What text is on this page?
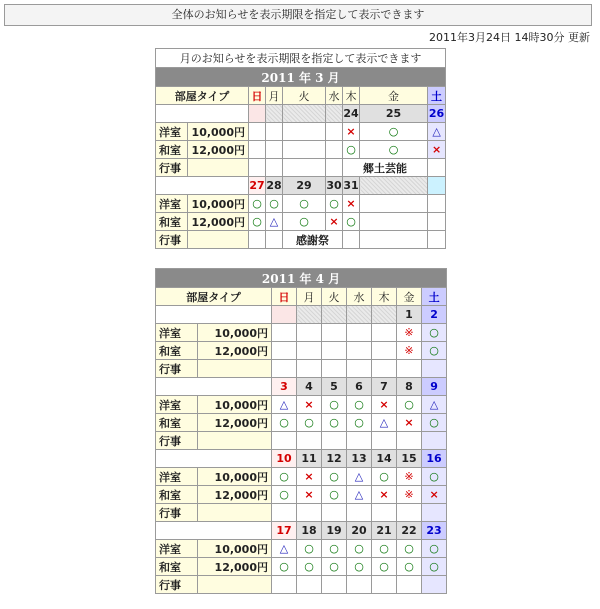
全体のお知らせを表示期限を指定して表示できます
2011年3月24日 14時30分 更新
月のお知らせを表示期限を指定して表示できます								
2011 年 3 月								
部屋タイプ		日	月	火	水	木	金	土
						24	25	26
洋室	10,000円					×	○	△
和室	12,000円					○	○	×
行事						郷土芸能		
		27	28	29	30	31		
洋室	10,000円	○	○	○	○	×		
和室	12,000円	○	△	○	×	○		
行事				感謝祭				
2011 年 4 月								
部屋タイプ		日	月	火	水	木	金	土
							1	2
洋室	10,000円						※	○
和室	12,000円						※	○
行事								
		3	4	5	6	7	8	9
洋室	10,000円	△	×	○	○	×	○	△
和室	12,000円	○	○	○	○	△	×	○
行事								
		10	11	12	13	14	15	16
洋室	10,000円	○	×	○	△	○	※	○
和室	12,000円	○	×	○	△	×	※	×
行事								
		17	18	19	20	21	22	23
洋室	10,000円	△	○	○	○	○	○	○
和室	12,000円	○	○	○	○	○	○	○
行事								
